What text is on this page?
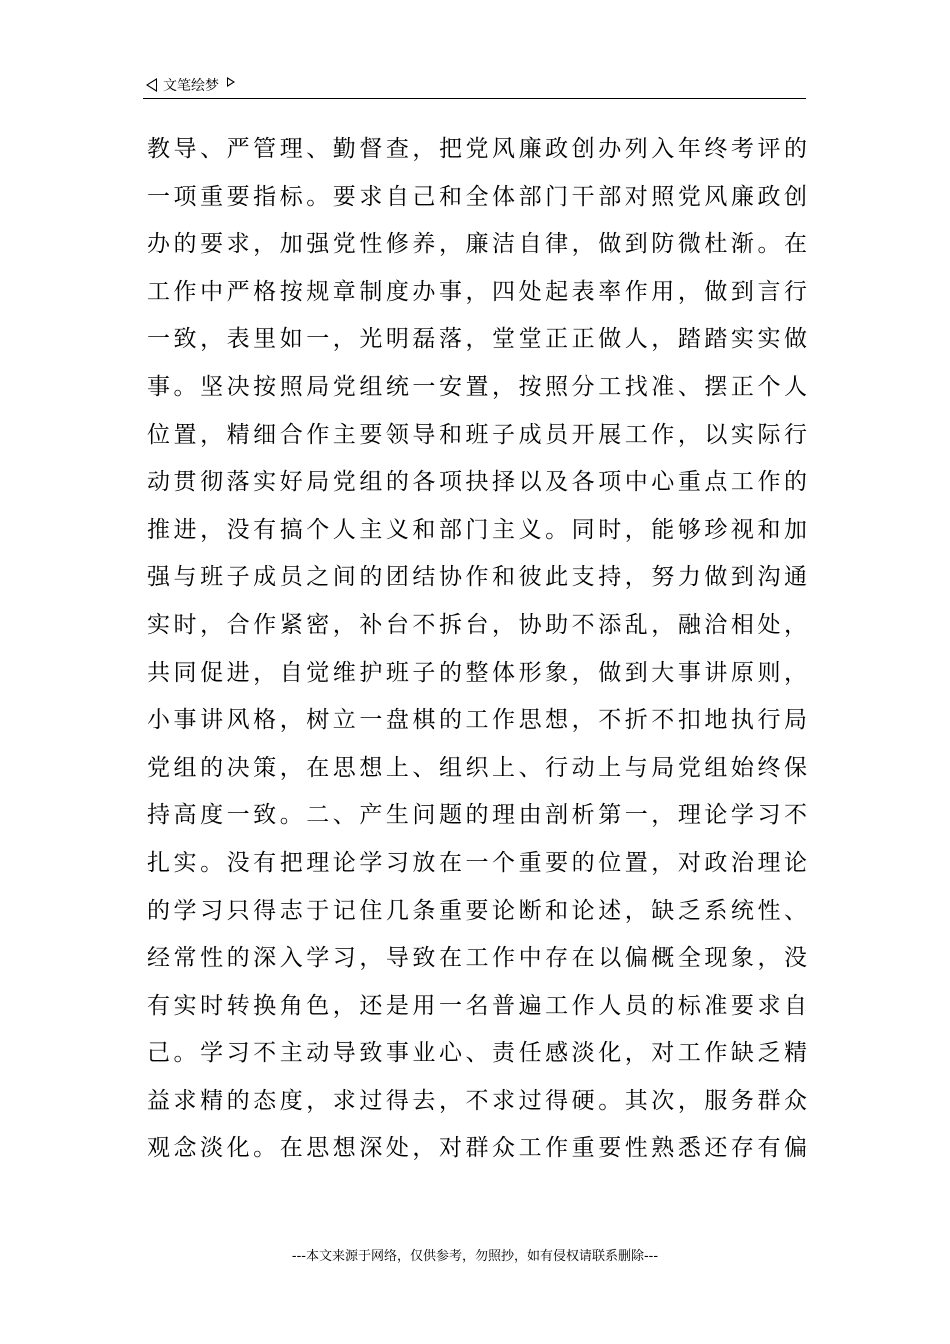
文笔绘梦
教导、严管理、勤督查，把党风廉政创办列入年终考评的
一项重要指标。要求自己和全体部门干部对照党风廉政创
办的要求，加强党性修养，廉洁自律，做到防微杜渐。在
工作中严格按规章制度办事，四处起表率作用，做到言行
一致，表里如一，光明磊落，堂堂正正做人，踏踏实实做
事。坚决按照局党组统一安置，按照分工找准、摆正个人
位置，精细合作主要领导和班子成员开展工作，以实际行
动贯彻落实好局党组的各项抉择以及各项中心重点工作的
推进，没有搞个人主义和部门主义。同时，能够珍视和加
强与班子成员之间的团结协作和彼此支持，努力做到沟通
实时，合作紧密，补台不拆台，协助不添乱，融洽相处，
共同促进，自觉维护班子的整体形象，做到大事讲原则，
小事讲风格，树立一盘棋的工作思想，不折不扣地执行局
党组的决策，在思想上、组织上、行动上与局党组始终保
持高度一致。二、产生问题的理由剖析第一，理论学习不
扎实。没有把理论学习放在一个重要的位置，对政治理论
的学习只得志于记住几条重要论断和论述，缺乏系统性、
经常性的深入学习，导致在工作中存在以偏概全现象，没
有实时转换角色，还是用一名普遍工作人员的标准要求自
己。学习不主动导致事业心、责任感淡化，对工作缺乏精
益求精的态度，求过得去，不求过得硬。其次，服务群众
观念淡化。在思想深处，对群众工作重要性熟悉还存有偏
---本文来源于网络，仅供参考，勿照抄，如有侵权请联系删除---
